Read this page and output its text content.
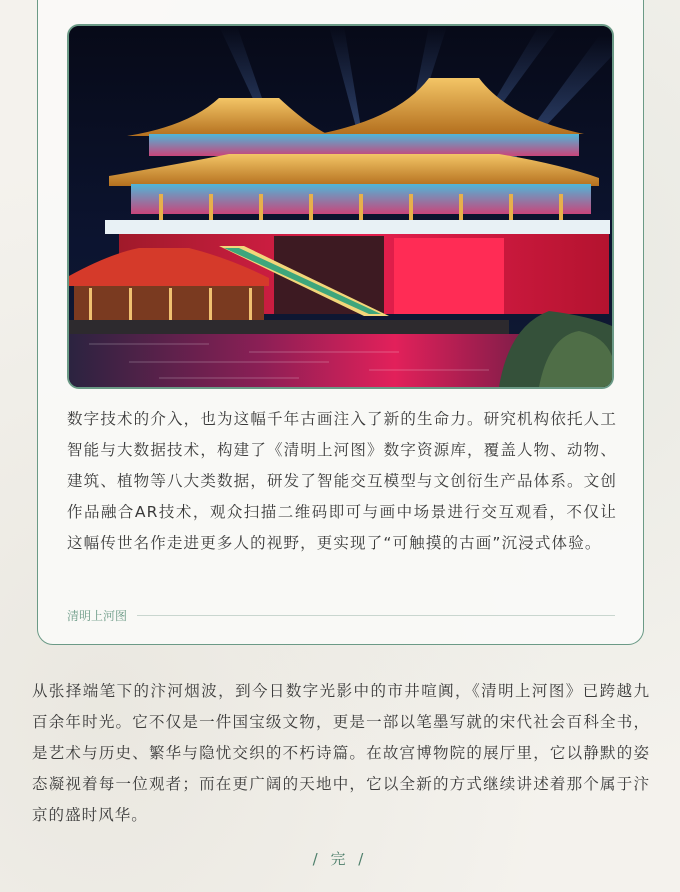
数字技术的介入，也为这幅千年古画注入了新的生命力。研究机构依托人工智能与大数据技术，构建了《清明上河图》数字资源库，覆盖人物、动物、建筑、植物等八大类数据，研发了智能交互模型与文创衍生产品体系。文创作品融合AR技术，观众扫描二维码即可与画中场景进行交互观看，不仅让这幅传世名作走进更多人的视野，更实现了“可触摸的古画”沉浸式体验。

清明上河图

从张择端笔下的汴河烟波，到今日数字光影中的市井喧阗，《清明上河图》已跨越九百余年时光。它不仅是一件国宝级文物，更是一部以笔墨写就的宋代社会百科全书，是艺术与历史、繁华与隐忧交织的不朽诗篇。在故宫博物院的展厅里，它以静默的姿态凝视着每一位观者；而在更广阔的天地中，它以全新的方式继续讲述着那个属于汴京的盛时风华。

/ 完 /
